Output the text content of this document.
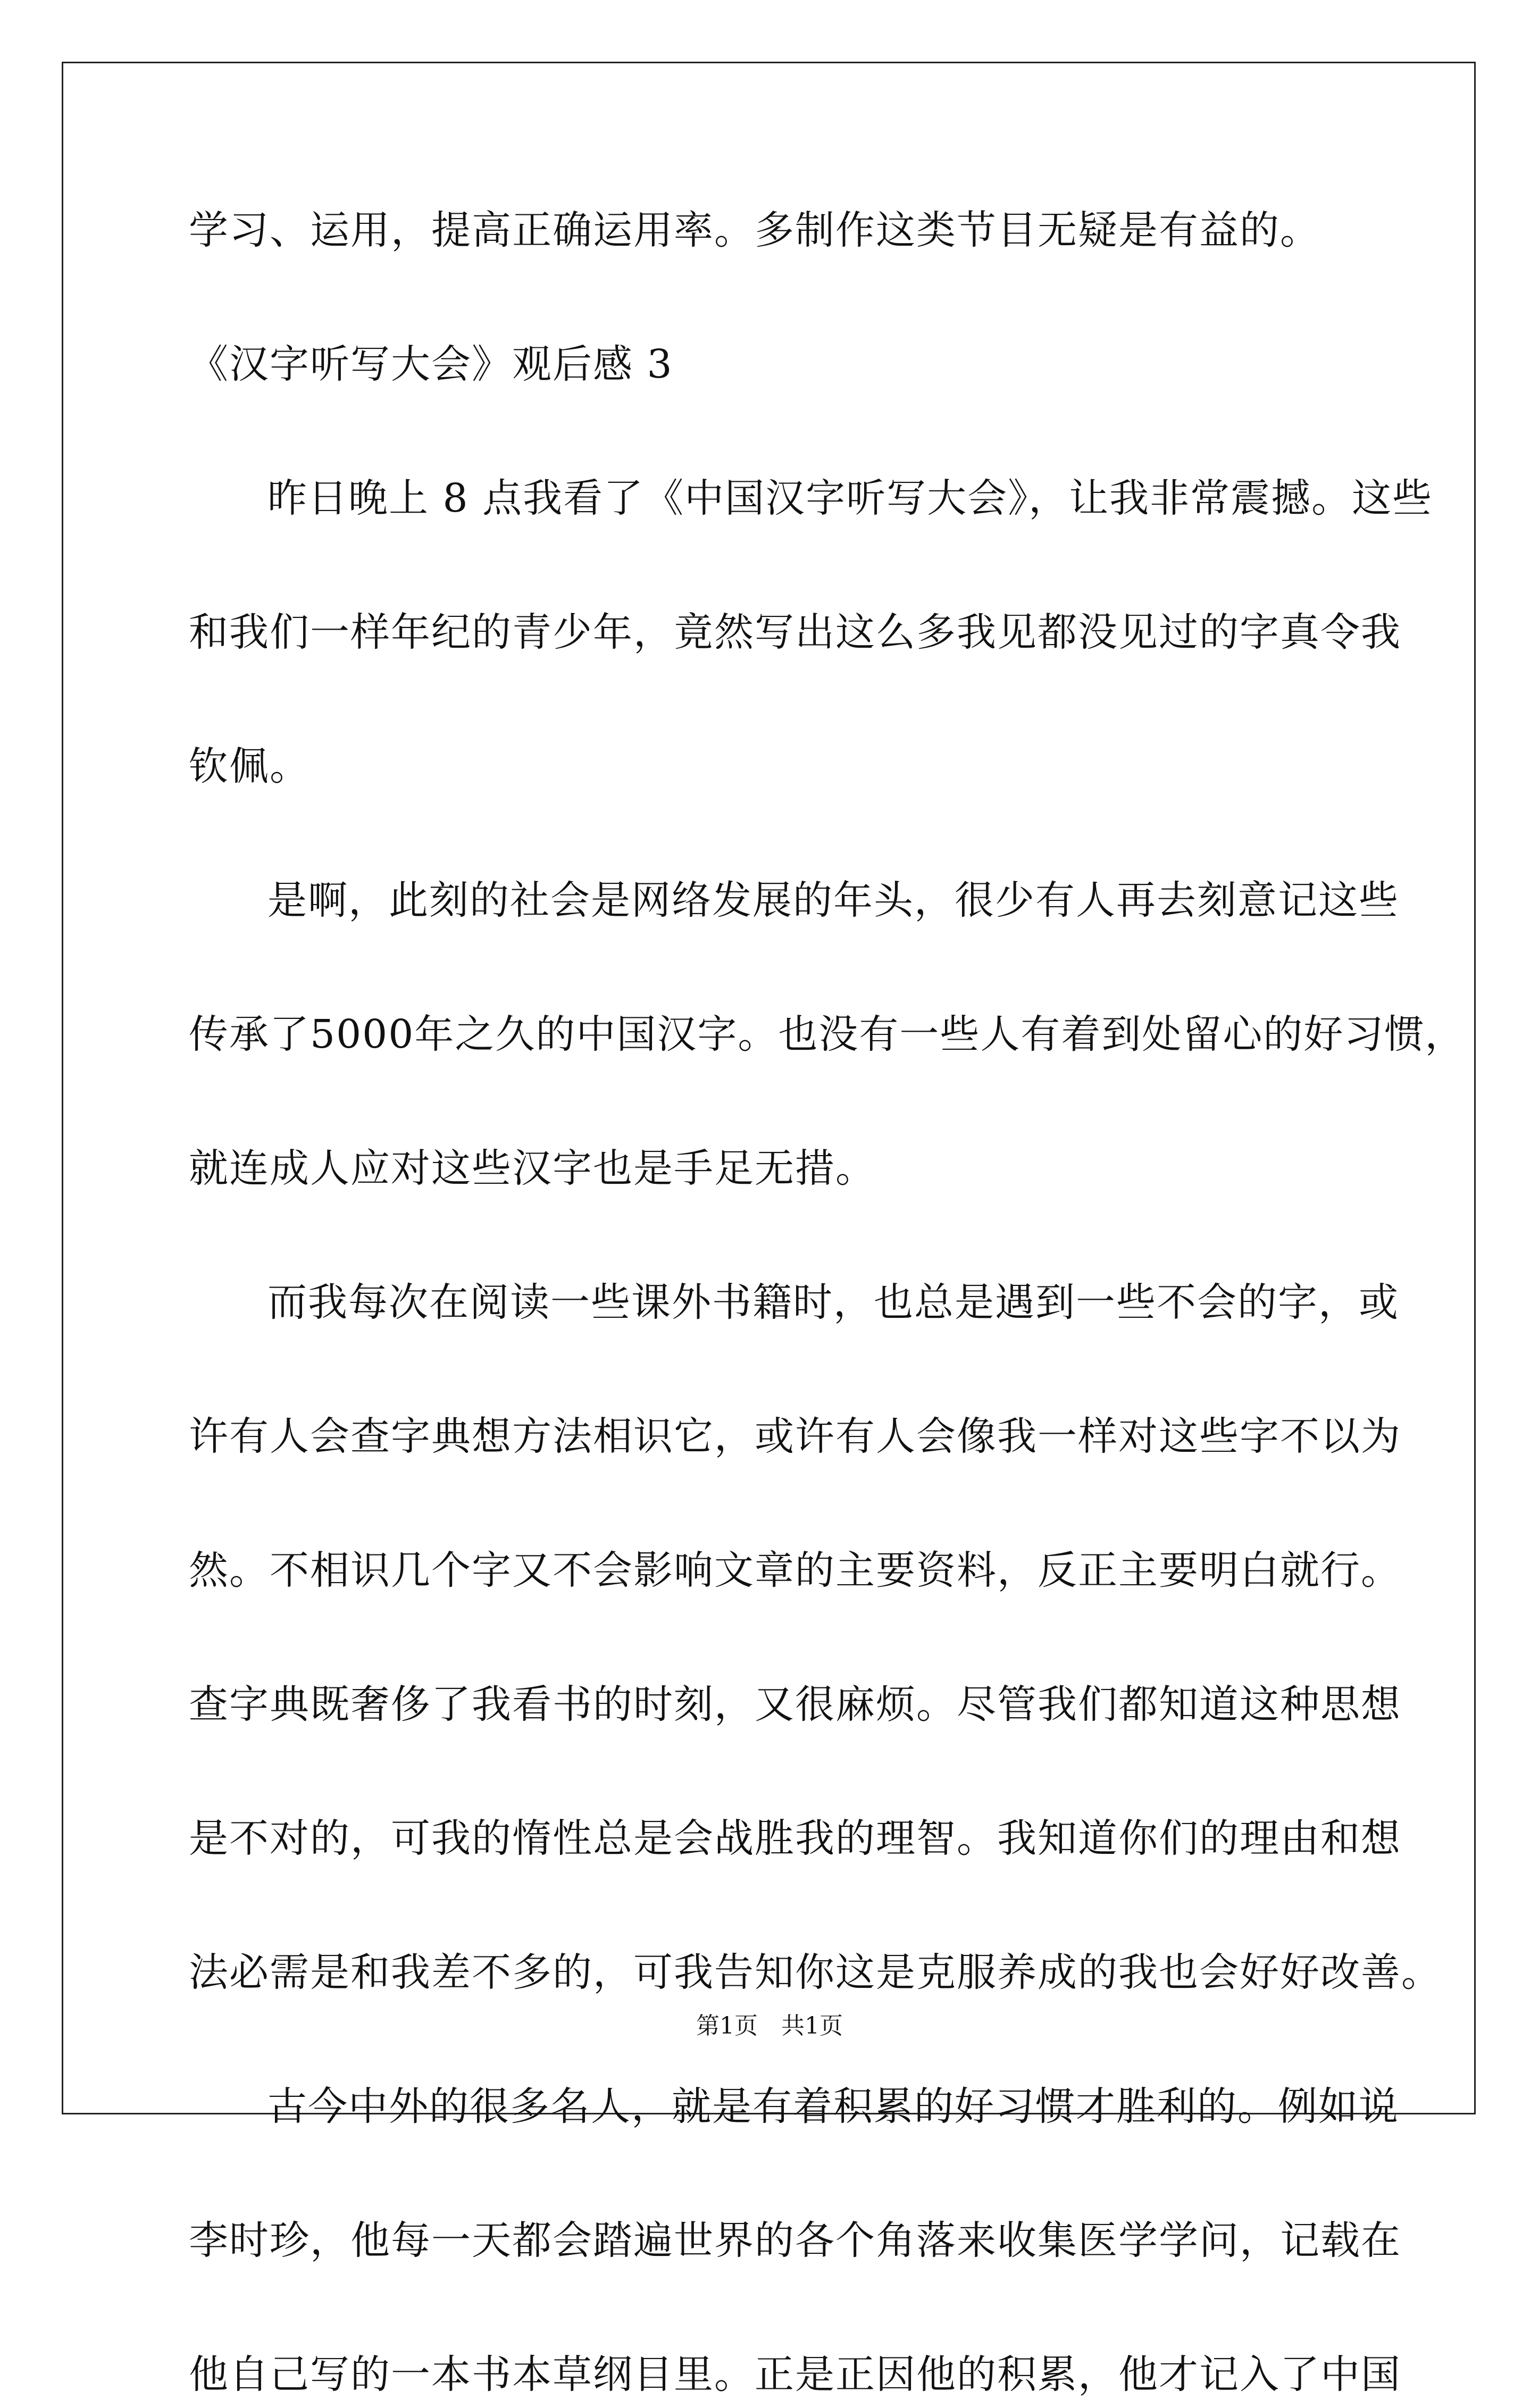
学习、运用，提高正确运用率。多制作这类节目无疑是有益的。
《汉字听写大会》观后感 3
昨日晚上 8 点我看了《中国汉字听写大会》，让我非常震撼。这些
和我们一样年纪的青少年，竟然写出这么多我见都没见过的字真令我
钦佩。
是啊，此刻的社会是网络发展的年头，很少有人再去刻意记这些
传承了5000年之久的中国汉字。也没有一些人有着到处留心的好习惯，
就连成人应对这些汉字也是手足无措。
而我每次在阅读一些课外书籍时，也总是遇到一些不会的字，或
许有人会查字典想方法相识它，或许有人会像我一样对这些字不以为
然。不相识几个字又不会影响文章的主要资料，反正主要明白就行。
查字典既奢侈了我看书的时刻，又很麻烦。尽管我们都知道这种思想
是不对的，可我的惰性总是会战胜我的理智。我知道你们的理由和想
法必需是和我差不多的，可我告知你这是克服养成的我也会好好改善。
古今中外的很多名人，就是有着积累的好习惯才胜利的。例如说
李时珍，他每一天都会踏遍世界的各个角落来收集医学学问，记载在
他自己写的一本书本草纲目里。正是正因他的积累，他才记入了中国
第1页　共1页
